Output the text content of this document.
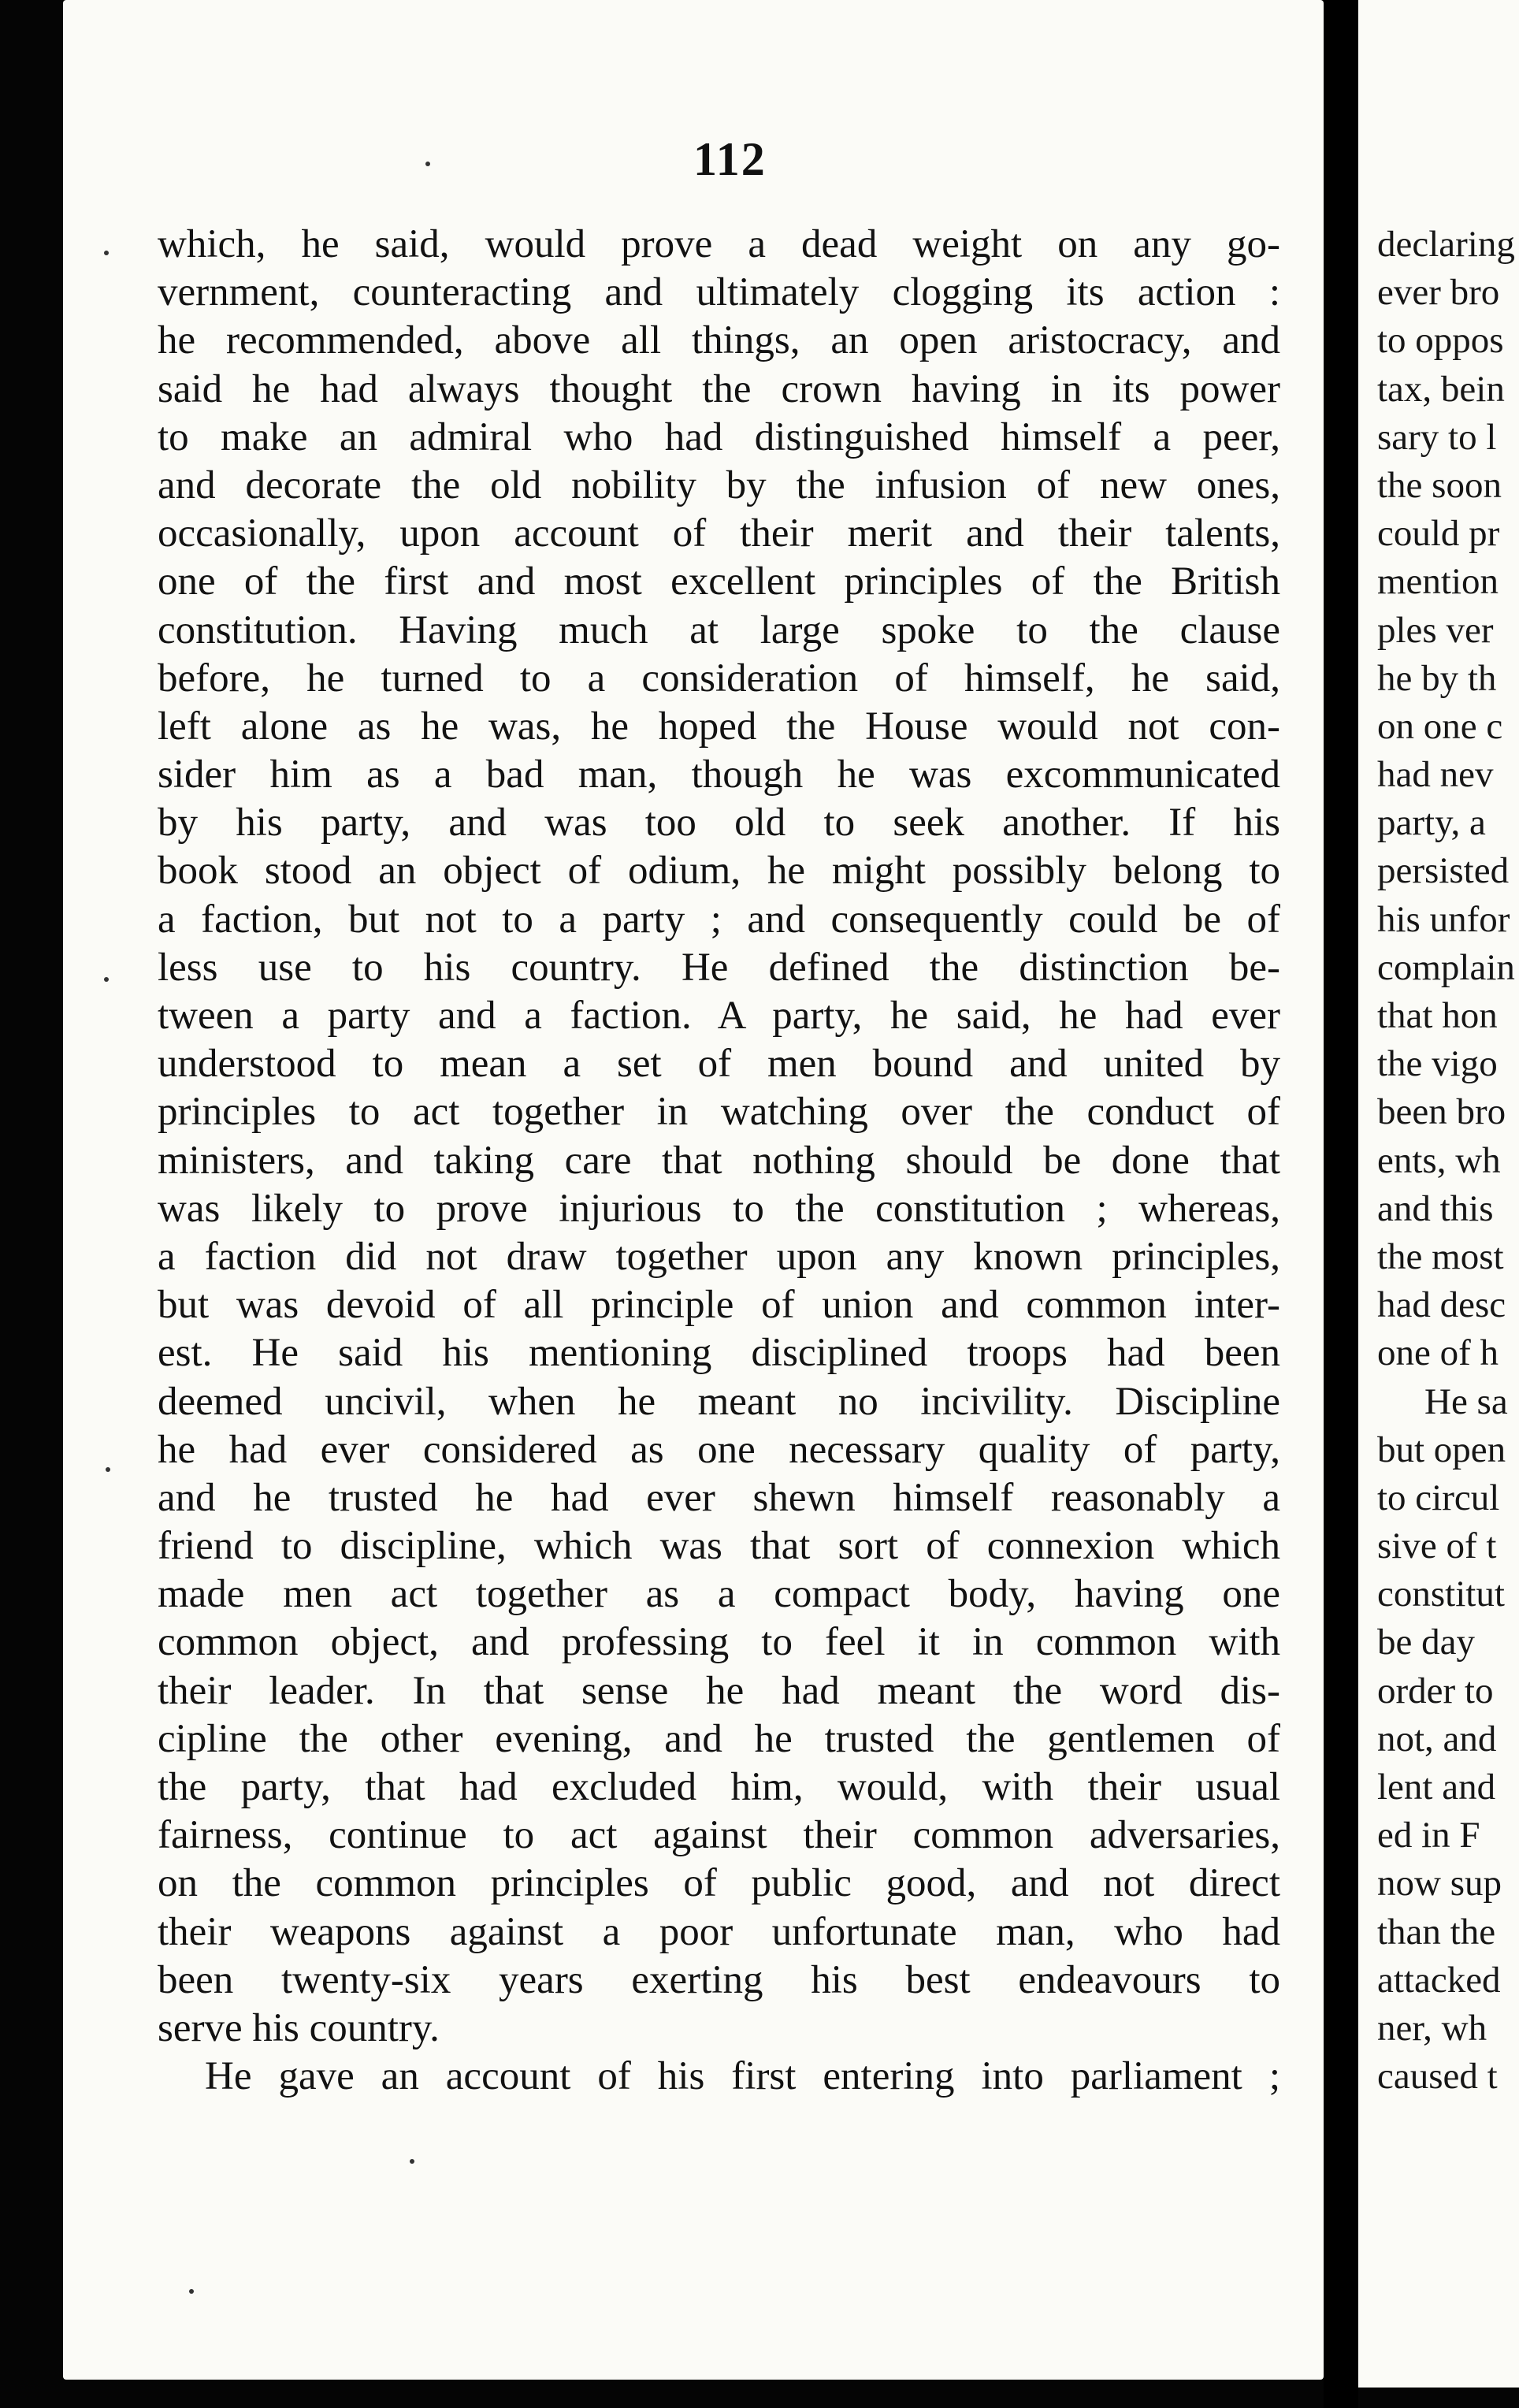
112
which, he said, would prove a dead weight on any go-
vernment, counteracting and ultimately clogging its action :
he recommended, above all things, an open aristocracy, and
said he had always thought the crown having in its power
to make an admiral who had distinguished himself a peer,
and decorate the old nobility by the infusion of new ones,
occasionally, upon account of their merit and their talents,
one of the first and most excellent principles of the British
constitution. Having much at large spoke to the clause
before, he turned to a consideration of himself, he said,
left alone as he was, he hoped the House would not con-
sider him as a bad man, though he was excommunicated
by his party, and was too old to seek another. If his
book stood an object of odium, he might possibly belong to
a faction, but not to a party ; and consequently could be of
less use to his country. He defined the distinction be-
tween a party and a faction. A party, he said, he had ever
understood to mean a set of men bound and united by
principles to act together in watching over the conduct of
ministers, and taking care that nothing should be done that
was likely to prove injurious to the constitution ; whereas,
a faction did not draw together upon any known principles,
but was devoid of all principle of union and common inter-
est. He said his mentioning disciplined troops had been
deemed uncivil, when he meant no incivility. Discipline
he had ever considered as one necessary quality of party,
and he trusted he had ever shewn himself reasonably a
friend to discipline, which was that sort of connexion which
made men act together as a compact body, having one
common object, and professing to feel it in common with
their leader. In that sense he had meant the word dis-
cipline the other evening, and he trusted the gentlemen of
the party, that had excluded him, would, with their usual
fairness, continue to act against their common adversaries,
on the common principles of public good, and not direct
their weapons against a poor unfortunate man, who had
been twenty-six years exerting his best endeavours to
serve his country.
He gave an account of his first entering into parliament ;
declaring
ever bro
to oppos
tax, bein
sary to l
the soon
could pr
mention
ples ver
he by th
on one c
had nev
party, a
persisted
his unfor
complain
that hon
the vigo
been bro
ents, wh
and this
the most
had desc
one of h
He sa
but open
to circul
sive of t
constitut
be day
order to
not, and
lent and
ed in F
now sup
than the
attacked
ner, wh
caused t
